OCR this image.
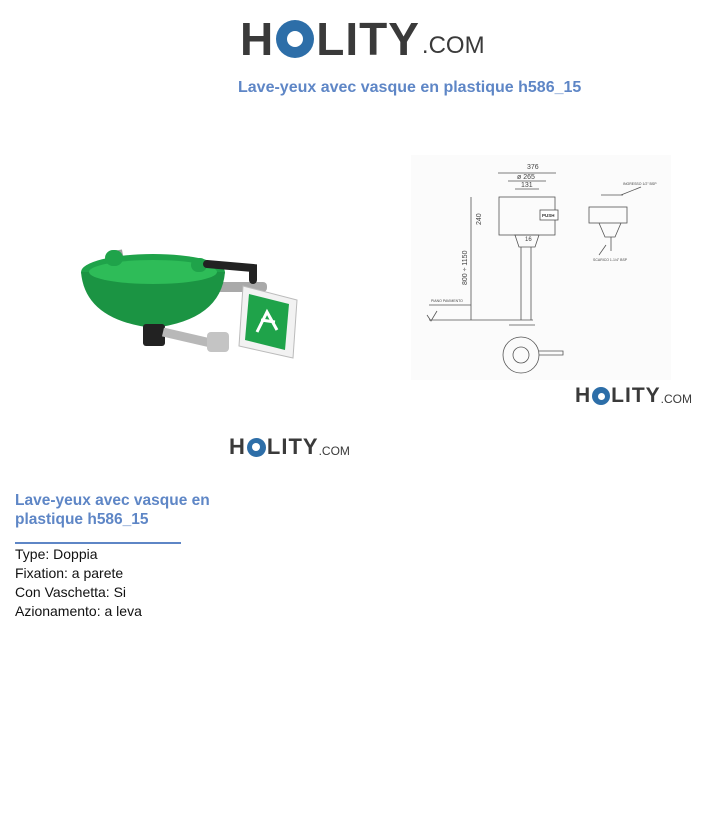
H LITY .COM
Lave-yeux avec vasque en plastique h586_15
376
ø 265
131
240
800 ÷ 1150
16
PUSH
PIANO PAVIMENTO
INGRESSO 1/2" BSP
SCARICO 1-1/4" BSP
H LITY .COM
H LITY .COM
Lave-yeux avec vasque en plastique h586_15
Type: Doppia
Fixation: a parete
Con Vaschetta: Si
Azionamento: a leva
